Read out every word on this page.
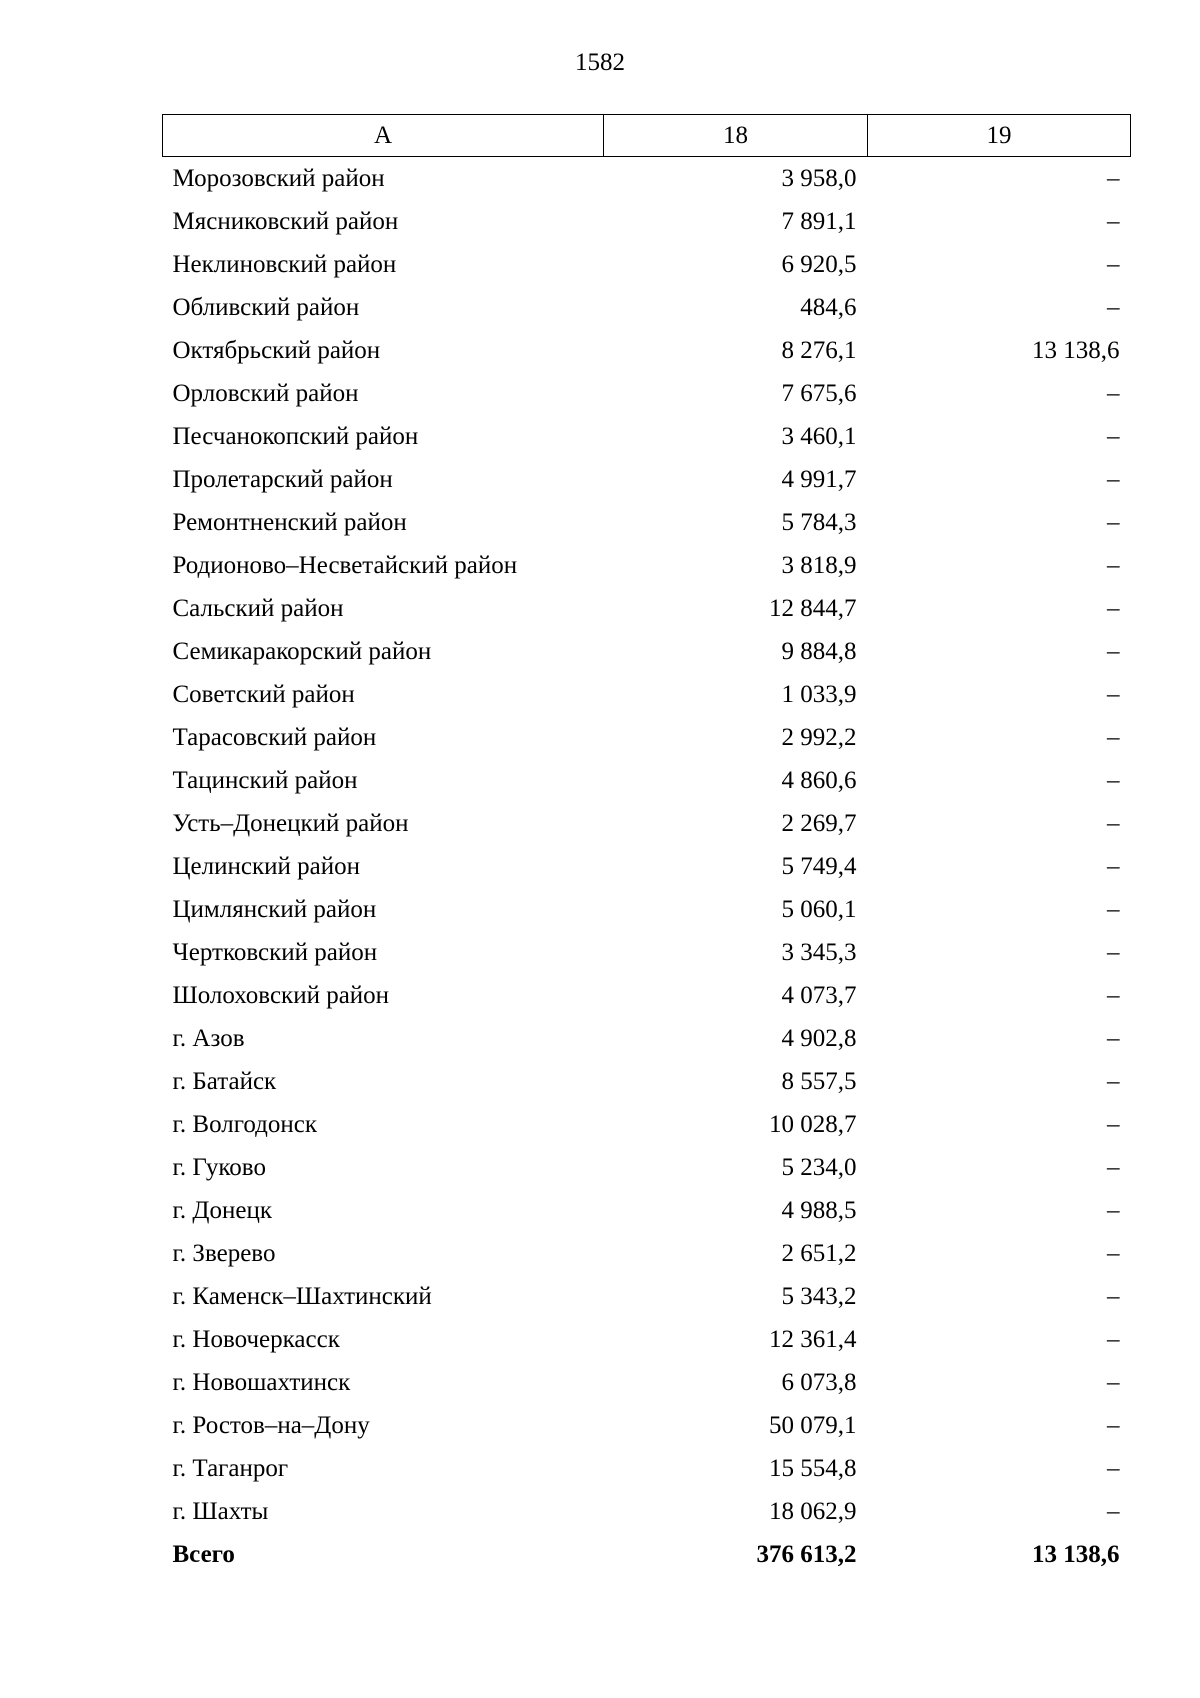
1582
А	18	19
Морозовский район	3 958,0	–
Мясниковский район	7 891,1	–
Неклиновский район	6 920,5	–
Обливский район	484,6	–
Октябрьский район	8 276,1	13 138,6
Орловский район	7 675,6	–
Песчанокопский район	3 460,1	–
Пролетарский район	4 991,7	–
Ремонтненский район	5 784,3	–
Родионово–Несветайский район	3 818,9	–
Сальский район	12 844,7	–
Семикаракорский район	9 884,8	–
Советский район	1 033,9	–
Тарасовский район	2 992,2	–
Тацинский район	4 860,6	–
Усть–Донецкий район	2 269,7	–
Целинский район	5 749,4	–
Цимлянский район	5 060,1	–
Чертковский район	3 345,3	–
Шолоховский район	4 073,7	–
г. Азов	4 902,8	–
г. Батайск	8 557,5	–
г. Волгодонск	10 028,7	–
г. Гуково	5 234,0	–
г. Донецк	4 988,5	–
г. Зверево	2 651,2	–
г. Каменск–Шахтинский	5 343,2	–
г. Новочеркасск	12 361,4	–
г. Новошахтинск	6 073,8	–
г. Ростов–на–Дону	50 079,1	–
г. Таганрог	15 554,8	–
г. Шахты	18 062,9	–
Всего	376 613,2	13 138,6
